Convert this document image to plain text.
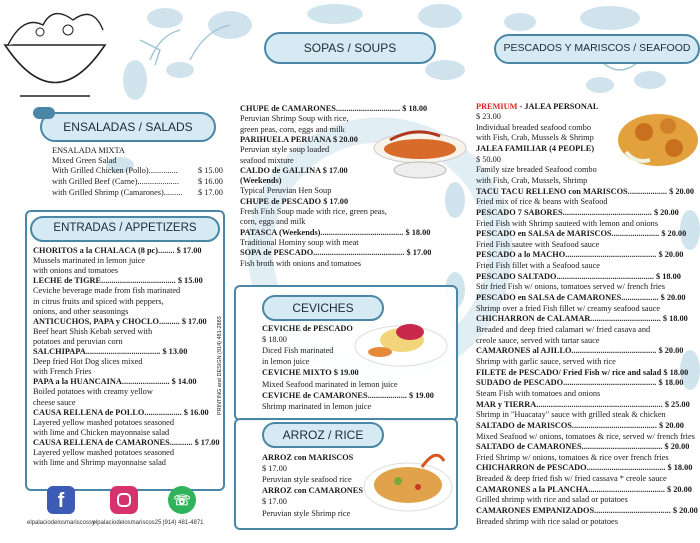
SOPAS / SOUPS	PESCADOS Y MARISCOS / SEAFOOD
ENSALADAS / SALADS
ENSALADA MIXTA
Mixed Green Salad
With Grilled Chicken (Pollo).............. $ 15.00
with Grilled Beef (Carne).................... $ 16.00
with Grilled Shrimp (Camarones)......... $ 17.00
ENTRADAS / APPETIZERS
CHORITOS a la CHALACA (8 pc)........ $ 17.00
Mussels marinated in lemon juice
with onions and tomatoes
LECHE de TIGRE.................................... $ 15.00
Ceviche beverage made from fish marinated
in citrus fruits and spiced with peppers,
onions, and other seasonings
ANTICUCHOS, PAPA y CHOCLO.......... $ 17.00
Beef heart Shish Kebab served with
potatoes and peruvian corn
SALCHIPAPA.................................... $ 13.00
Deep fried Hot Dog slices mixed
with French Fries
PAPA a la HUANCAINA....................... $ 14.00
Boiled potatoes with creamy yellow
cheese sauce
CAUSA RELLENA de POLLO.................. $ 16.00
Layered yellow mashed potatoes seasoned
with lime and Chicken mayonnaise salad
CAUSA RELLENA de CAMARONES........... $ 17.00
Layered yellow mashed potatoes seasoned
with lime and Shrimp mayonnaise salad
CHUPE de CAMARONES............................... $ 18.00
Peruvian Shrimp Soup with rice,
green peas, corn, eggs and milk
PARIHUELA PERUANA $ 20.00
Peruvian style soup loaded
seafood mixture
CALDO de GALLINA $ 17.00
(Weekends)
Typical Peruvian Hen Soup
CHUPE de PESCADO $ 17.00
Fresh Fish Soup made with rice, green peas,
corn, eggs and milk
PATASCA (Weekends)........................................ $ 18.00
Traditional Hominy soup with meat
SOPA de PESCADO............................................ $ 17.00
Fish broth with onions and tomatoes
CEVICHES
CEVICHE de PESCADO
$ 18.00
Diced Fish marinated
in lemon juice
CEVICHE MIXTO $ 19.00
Mixed Seafood marinated in lemon juice
CEVICHE de CAMARONES................... $ 19.00
Shrimp marinated in lemon juice
ARROZ / RICE
ARROZ con MARISCOS
$ 17.00
Peruvian style seafood rice
ARROZ con CAMARONES
$ 17.00
Peruvian style Shrimp rice
PREMIUM - JALEA PERSONAL
$ 23.00
Individual breaded seafood combo
with Fish, Crab, Mussels & Shrimp
JALEA FAMILIAR (4 PEOPLE)
$ 50.00
Family size breaded Seafood combo
with Fish, Crab, Mussels, Shrimp
TACU TACU RELLENO con MARISCOS................... $ 20.00
Fried mix of rice & beans with Seafood
PESCADO 7 SABORES........................................... $ 20.00
Fried Fish with Shrimp sauteed with lemon and onions
PESCADO en SALSA de MARISCOS....................... $ 20.00
Fried Fish sautee with Seafood sauce
PESCADO a lo MACHO............................................ $ 20.00
Fried Fish fillet with a Seafood sauce
PESCADO SALTADO............................................... $ 18.00
Stir fried Fish w/ onions, tomatoes served w/ french fries
PESCADO en SALSA de CAMARONES.................. $ 20.00
Shrimp over a fried Fish fillet w/ creamy seafood sauce
CHICHARRON de CALAMAR.................................. $ 18.00
Breaded and deep fried calamari w/ fried casava and
creole sauce, served with tartar sauce
CAMARONES al AJILLO......................................... $ 20.00
Shrimp with garlic sauce, served with rice
FILETE de PESCADO/ Fried Fish w/ rice and salad $ 18.00
SUDADO de PESCADO............................................. $ 18.00
Steam Fish with tomatoes and onions
MAR y TIERRA............................................................. $ 25.00
Shrimp in "Huacatay" sauce with grilled steak & chicken
SALTADO de MARISCOS......................................... $ 20.00
Mixed Seafood w/ onions, tomatoes & rice, served w/ french fries
SALTADO de CAMARONES....................................... $ 20.00
Fried Shrimp w/ onions, tomatoes & rice over french fries
CHICHARRON de PESCADO...................................... $ 18.00
Breaded & deep fried fish w/ fried cassava * creole sauce
CAMARONES a la PLANCHA..................................... $ 20.00
Grilled shrimp with rice and salad or potatoes
CAMARONES EMPANIZADOS..................................... $ 20.00
Breaded shrimp with rice salad or potatoes
f	☏
elpalaciodelosmariscossy
elpalaciodelosmariscos25 (914) 481-4871
PRINTING and DESIGN (914) 481-2883
